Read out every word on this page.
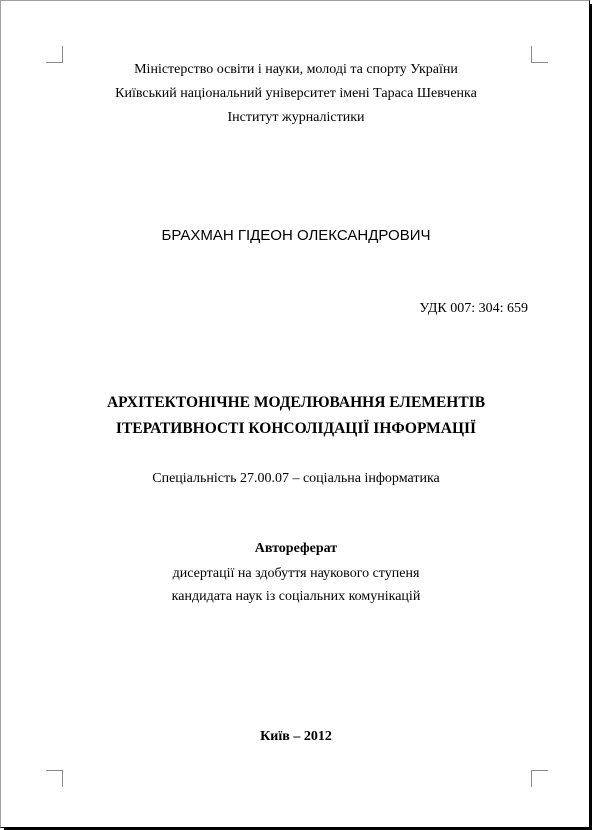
Міністерство освіти і науки, молоді та спорту України
Київський національний університет імені Тараса Шевченка
Інститут журналістики
БРАХМАН ГІДЕОН ОЛЕКСАНДРОВИЧ
УДК 007: 304: 659
АРХІТЕКТОНІЧНЕ МОДЕЛЮВАННЯ ЕЛЕМЕНТІВ
ІТЕРАТИВНОСТІ КОНСОЛІДАЦІЇ ІНФОРМАЦІЇ
Спеціальність 27.00.07 – соціальна інформатика
Автореферат
дисертації на здобуття наукового ступеня
кандидата наук із соціальних комунікацій
Київ – 2012
